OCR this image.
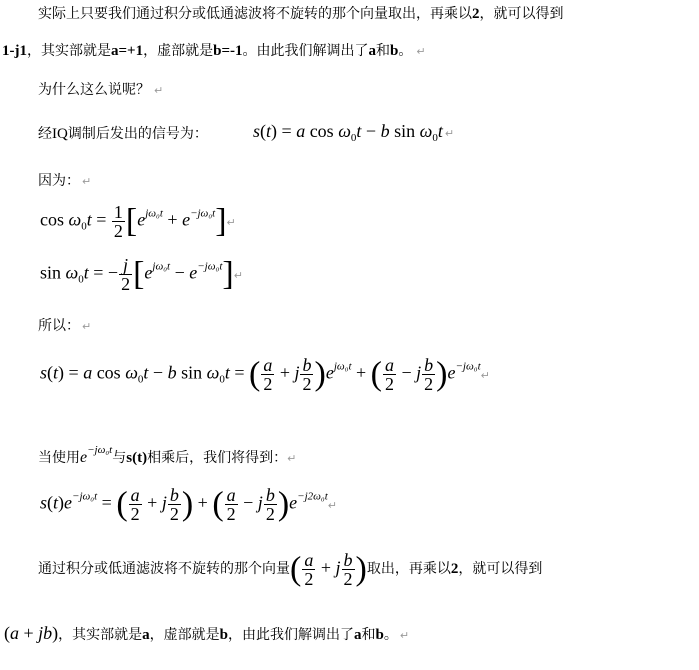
实际上只要我们通过积分或低通滤波将不旋转的那个向量取出，再乘以2，就可以得到
1-j1，其实部就是a=+1，虚部就是b=-1。由此我们解调出了a和b。 ↵
为什么这么说呢？ ↵
经IQ调制后发出的信号为：	s(t) = a $\cos \omega_0t - b$ $\sin \omega_0t$ ↵
因为： ↵
$\cos \omega_0t = \frac{1}{2} [e^{j\omega_0t}$ + $e^{-j\omega_0t}]↵$
$\sin \omega_0t$ = − $\frac{j}{2} [e^{j\omega_0t}$ − $e^{-j\omega_0t}]↵$
所以： ↵
s(t) = a $\cos \omega_0t - b$ $\sin \omega_0t$ = ( $\frac{a}{2} + j \frac{b}{2} )e^{j\omega_0t}$ + ( $\frac{a}{2} - j \frac{b}{2}$ )$e^{-j\omega_0t}↵$
当使用$e^{-j\omega_0t}$与s(t)相乘后，我们将得到：↵
$s(t)e^{-j\omega_0t}$ = ( $\frac{a}{2} + j \frac{b}{2}$ ) + ( $\frac{a}{2} - j \frac{b}{2}$ )$e^{-j2\omega_0t}↵$
通过积分或低通滤波将不旋转的那个向量( $\frac{a}{2} + j \frac{b}{2}$ )取出，再乘以2，就可以得到
(a + jb)，其实部就是a，虚部就是b，由此我们解调出了a和b。 ↵
